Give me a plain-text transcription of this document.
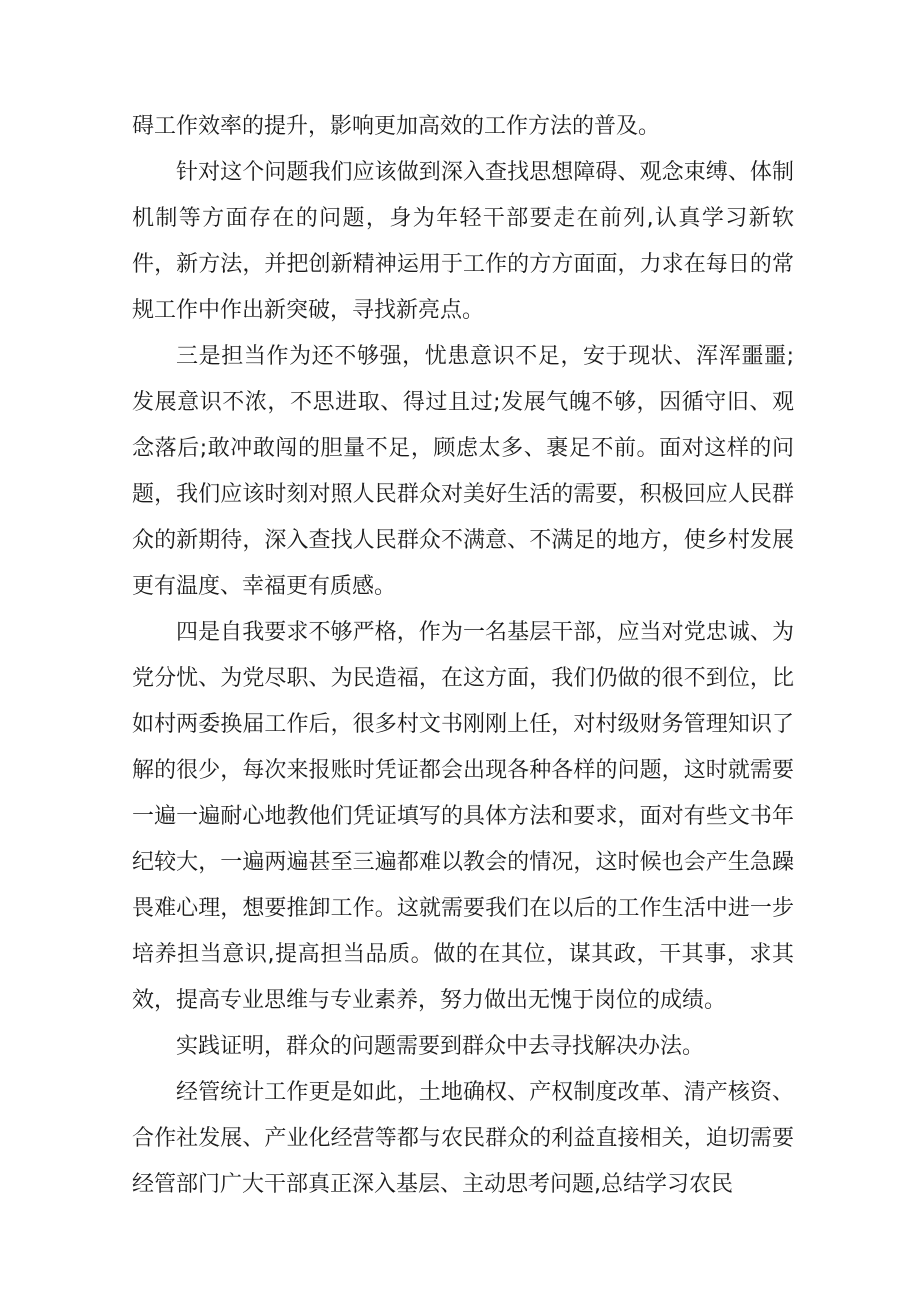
碍工作效率的提升，影响更加高效的工作方法的普及。

针对这个问题我们应该做到深入查找思想障碍、观念束缚、体制机制等方面存在的问题，身为年轻干部要走在前列,认真学习新软件，新方法，并把创新精神运用于工作的方方面面，力求在每日的常规工作中作出新突破，寻找新亮点。

三是担当作为还不够强，忧患意识不足，安于现状、浑浑噩噩;发展意识不浓，不思进取、得过且过;发展气魄不够，因循守旧、观念落后;敢冲敢闯的胆量不足，顾虑太多、裹足不前。面对这样的问题，我们应该时刻对照人民群众对美好生活的需要，积极回应人民群众的新期待，深入查找人民群众不满意、不满足的地方，使乡村发展更有温度、幸福更有质感。

四是自我要求不够严格，作为一名基层干部，应当对党忠诚、为党分忧、为党尽职、为民造福，在这方面，我们仍做的很不到位，比如村两委换届工作后，很多村文书刚刚上任，对村级财务管理知识了解的很少，每次来报账时凭证都会出现各种各样的问题，这时就需要一遍一遍耐心地教他们凭证填写的具体方法和要求，面对有些文书年纪较大，一遍两遍甚至三遍都难以教会的情况，这时候也会产生急躁畏难心理，想要推卸工作。这就需要我们在以后的工作生活中进一步培养担当意识,提高担当品质。做的在其位，谋其政，干其事，求其效，提高专业思维与专业素养，努力做出无愧于岗位的成绩。

实践证明，群众的问题需要到群众中去寻找解决办法。

经管统计工作更是如此，土地确权、产权制度改革、清产核资、合作社发展、产业化经营等都与农民群众的利益直接相关，迫切需要经管部门广大干部真正深入基层、主动思考问题,总结学习农民
